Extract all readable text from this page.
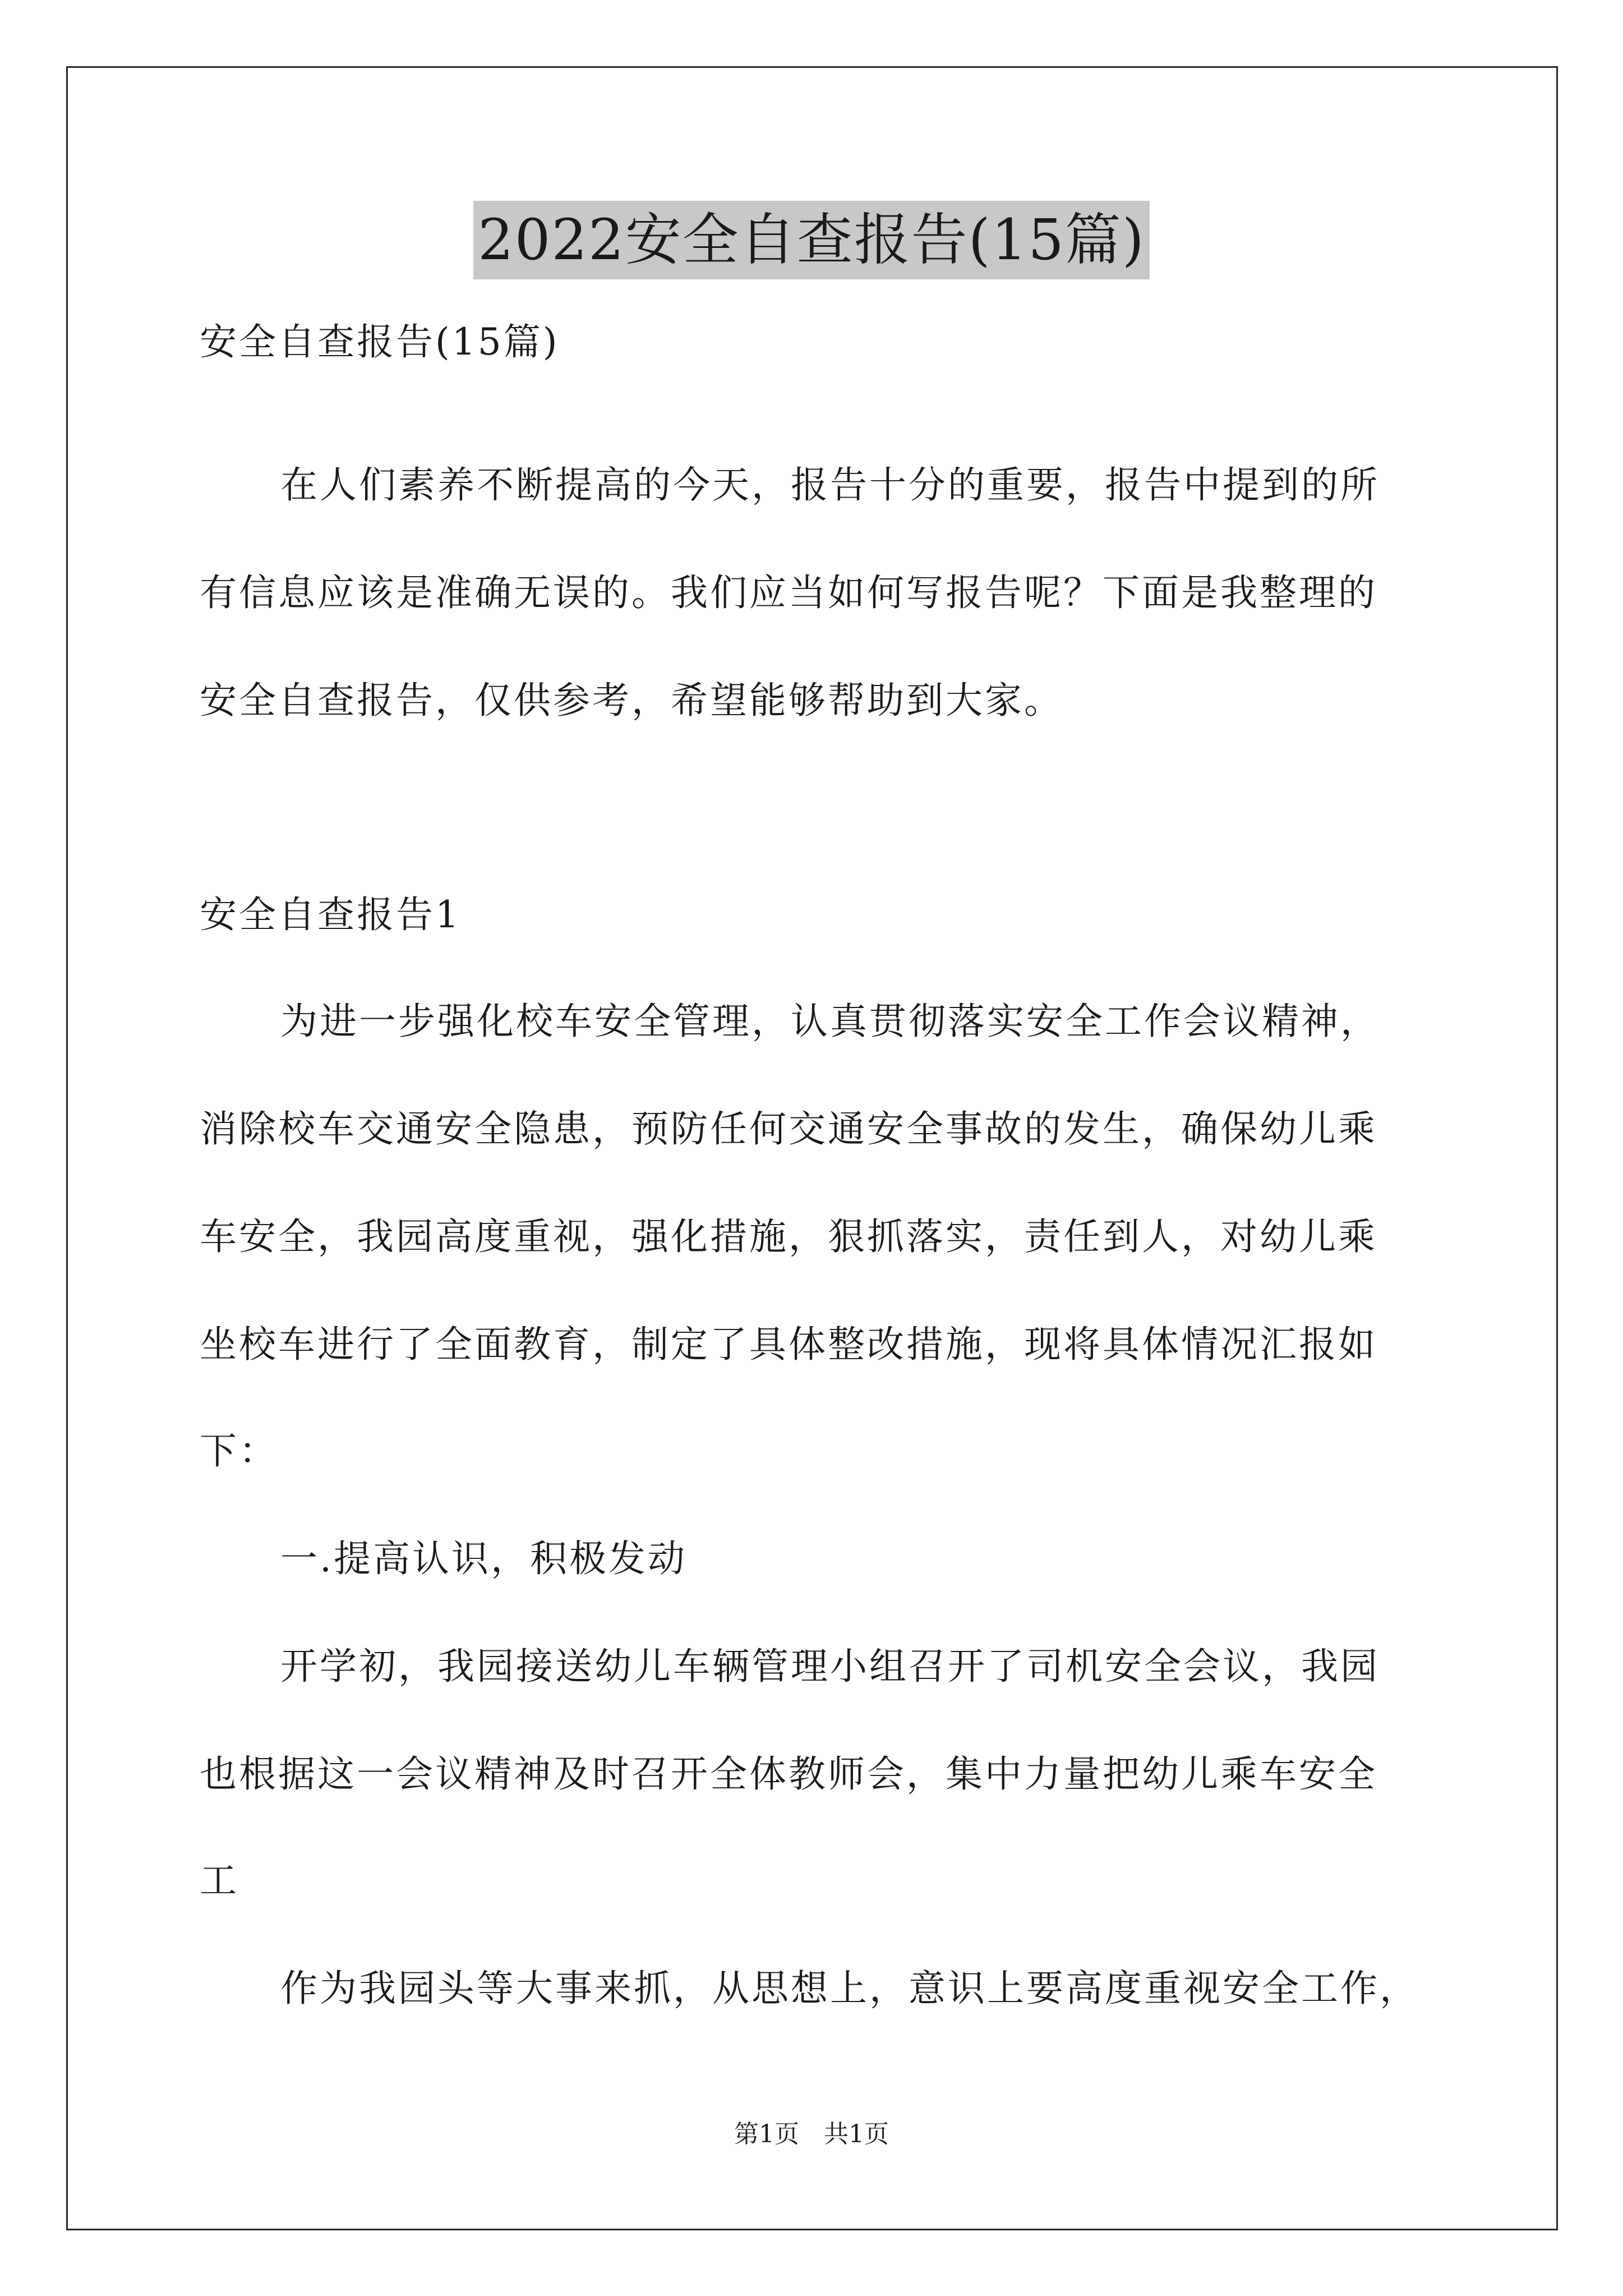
2022安全自查报告(15篇)
安全自查报告(15篇)
在人们素养不断提高的今天，报告十分的重要，报告中提到的所
有信息应该是准确无误的。我们应当如何写报告呢？下面是我整理的
安全自查报告，仅供参考，希望能够帮助到大家。
安全自查报告1
为进一步强化校车安全管理，认真贯彻落实安全工作会议精神，
消除校车交通安全隐患，预防任何交通安全事故的发生，确保幼儿乘
车安全，我园高度重视，强化措施，狠抓落实，责任到人，对幼儿乘
坐校车进行了全面教育，制定了具体整改措施，现将具体情况汇报如
下：
一.提高认识，积极发动
开学初，我园接送幼儿车辆管理小组召开了司机安全会议，我园
也根据这一会议精神及时召开全体教师会，集中力量把幼儿乘车安全
工
作为我园头等大事来抓，从思想上，意识上要高度重视安全工作，
第1页　共1页
